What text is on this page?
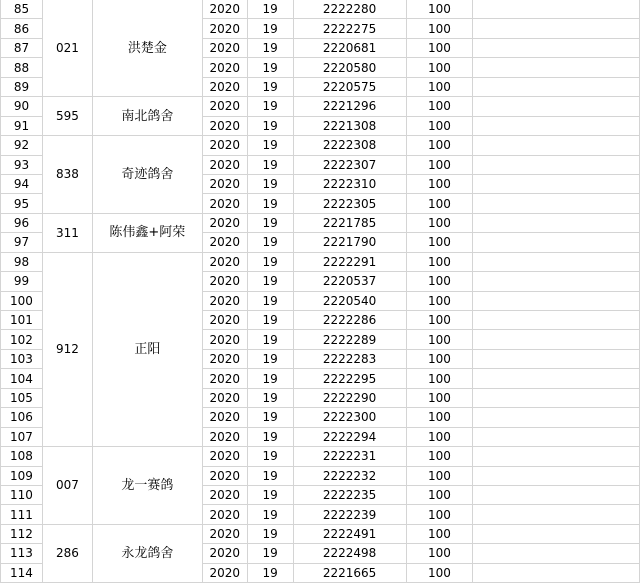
85	021	洪楚金	2020	19	2222280	100	
86			2020	19	2222275	100	
87			2020	19	2220681	100	
88			2020	19	2220580	100	
89			2020	19	2220575	100	
90	595	南北鸽舍	2020	19	2221296	100	
91			2020	19	2221308	100	
92	838	奇迹鸽舍	2020	19	2222308	100	
93			2020	19	2222307	100	
94			2020	19	2222310	100	
95			2020	19	2222305	100	
96	311	陈伟鑫+阿荣	2020	19	2221785	100	
97			2020	19	2221790	100	
98	912	正阳	2020	19	2222291	100	
99			2020	19	2220537	100	
100			2020	19	2220540	100	
101			2020	19	2222286	100	
102			2020	19	2222289	100	
103			2020	19	2222283	100	
104			2020	19	2222295	100	
105			2020	19	2222290	100	
106			2020	19	2222300	100	
107			2020	19	2222294	100	
108	007	龙一赛鸽	2020	19	2222231	100	
109			2020	19	2222232	100	
110			2020	19	2222235	100	
111			2020	19	2222239	100	
112	286	永龙鸽舍	2020	19	2222491	100	
113			2020	19	2222498	100	
114			2020	19	2221665	100	
